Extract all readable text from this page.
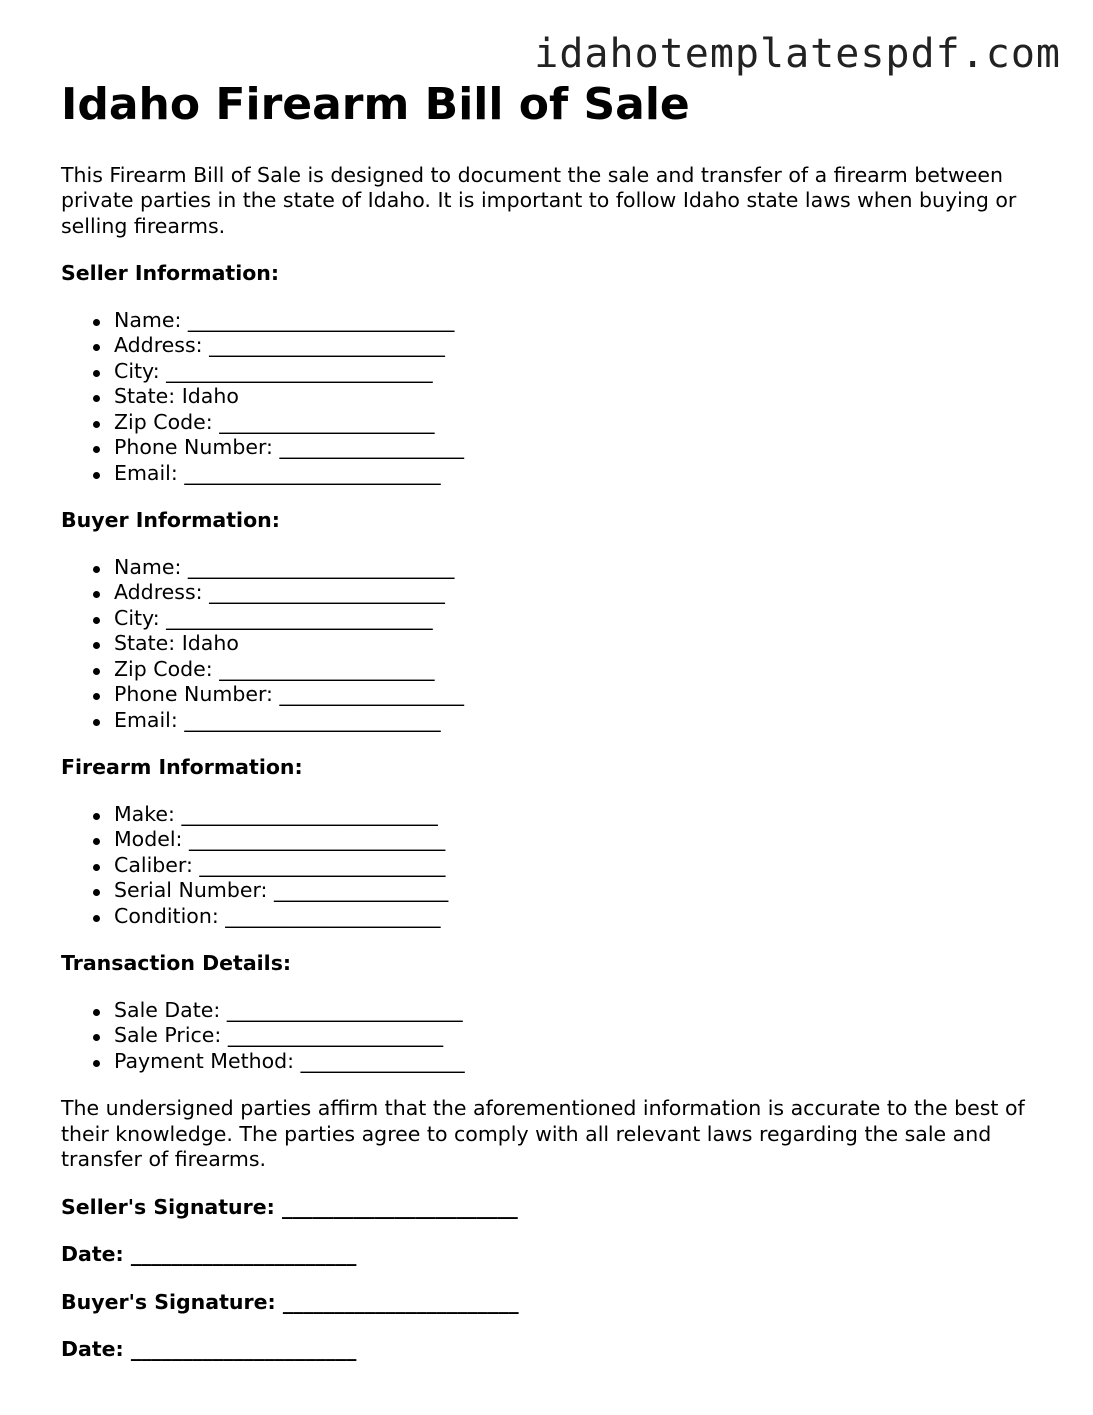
idahotemplatespdf.com
Idaho Firearm Bill of Sale

This Firearm Bill of Sale is designed to document the sale and transfer of a firearm between private parties in the state of Idaho. It is important to follow Idaho state laws when buying or selling firearms.

Seller Information:

Name: __________________________
Address: _______________________
City: __________________________
State: Idaho
Zip Code: _____________________
Phone Number: __________________
Email: _________________________

Buyer Information:

Name: __________________________
Address: _______________________
City: __________________________
State: Idaho
Zip Code: _____________________
Phone Number: __________________
Email: _________________________

Firearm Information:

Make: _________________________
Model: _________________________
Caliber: ________________________
Serial Number: _________________
Condition: _____________________

Transaction Details:

Sale Date: _______________________
Sale Price: _____________________
Payment Method: ________________

The undersigned parties affirm that the aforementioned information is accurate to the best of their knowledge. The parties agree to comply with all relevant laws regarding the sale and transfer of firearms.

Seller's Signature: _______________________

Date: ______________________

Buyer's Signature: _______________________

Date: ______________________
